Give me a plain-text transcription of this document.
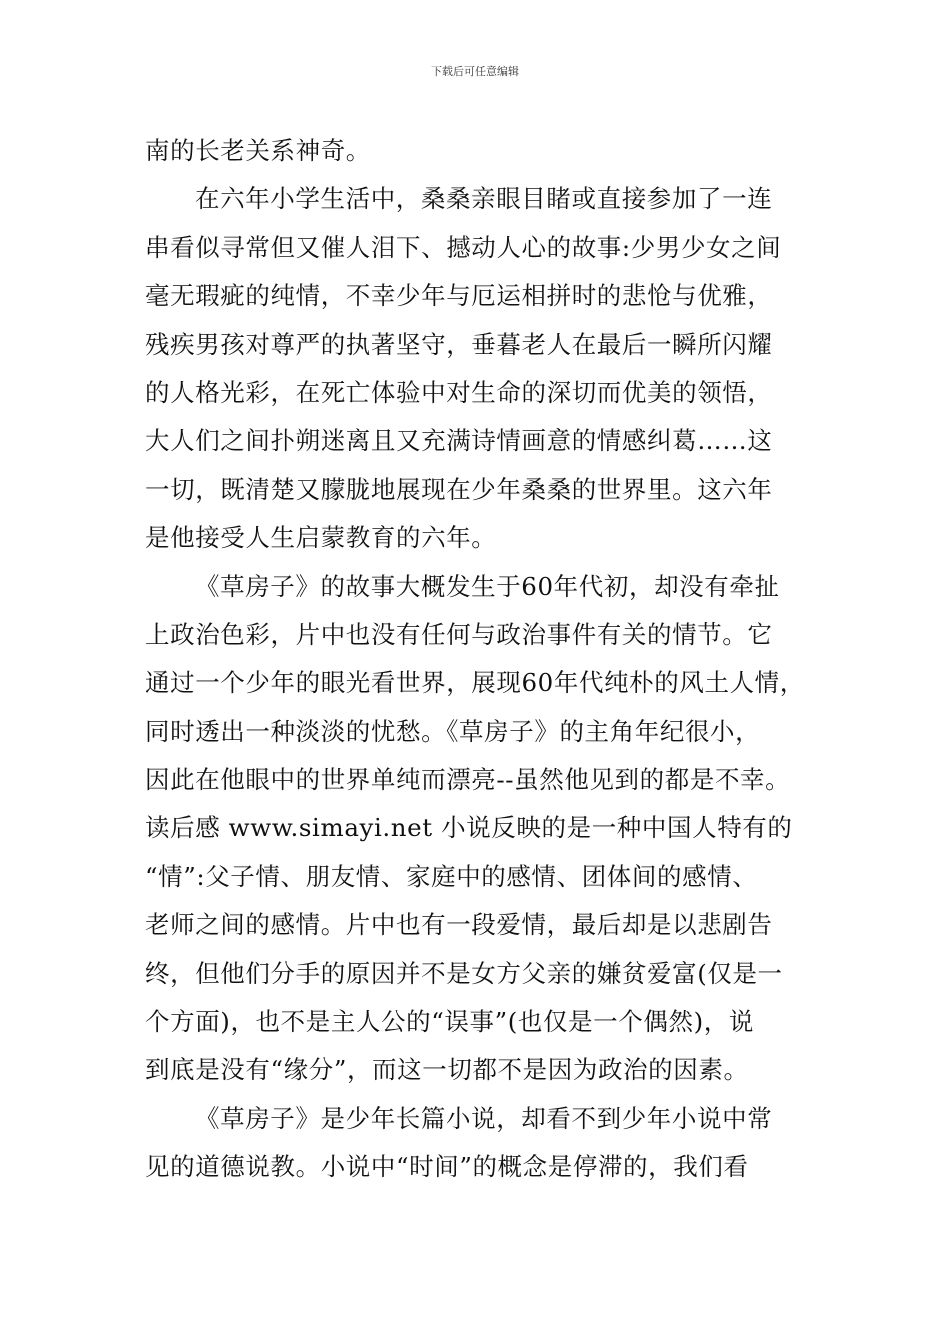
下载后可任意编辑
南的长老关系神奇。
在六年小学生活中，桑桑亲眼目睹或直接参加了一连
串看似寻常但又催人泪下、撼动人心的故事:少男少女之间
毫无瑕疵的纯情，不幸少年与厄运相拼时的悲怆与优雅，
残疾男孩对尊严的执著坚守，垂暮老人在最后一瞬所闪耀
的人格光彩，在死亡体验中对生命的深切而优美的领悟，
大人们之间扑朔迷离且又充满诗情画意的情感纠葛……这
一切，既清楚又朦胧地展现在少年桑桑的世界里。这六年
是他接受人生启蒙教育的六年。
《草房子》的故事大概发生于60年代初，却没有牵扯
上政治色彩，片中也没有任何与政治事件有关的情节。它
通过一个少年的眼光看世界，展现60年代纯朴的风土人情，
同时透出一种淡淡的忧愁。《草房子》的主角年纪很小，
因此在他眼中的世界单纯而漂亮--虽然他见到的都是不幸。
读后感 www.simayi.net 小说反映的是一种中国人特有的
“情”:父子情、朋友情、家庭中的感情、团体间的感情、
老师之间的感情。片中也有一段爱情，最后却是以悲剧告
终，但他们分手的原因并不是女方父亲的嫌贫爱富(仅是一
个方面)，也不是主人公的“误事”(也仅是一个偶然)，说
到底是没有“缘分”，而这一切都不是因为政治的因素。
《草房子》是少年长篇小说，却看不到少年小说中常
见的道德说教。小说中“时间”的概念是停滞的，我们看
